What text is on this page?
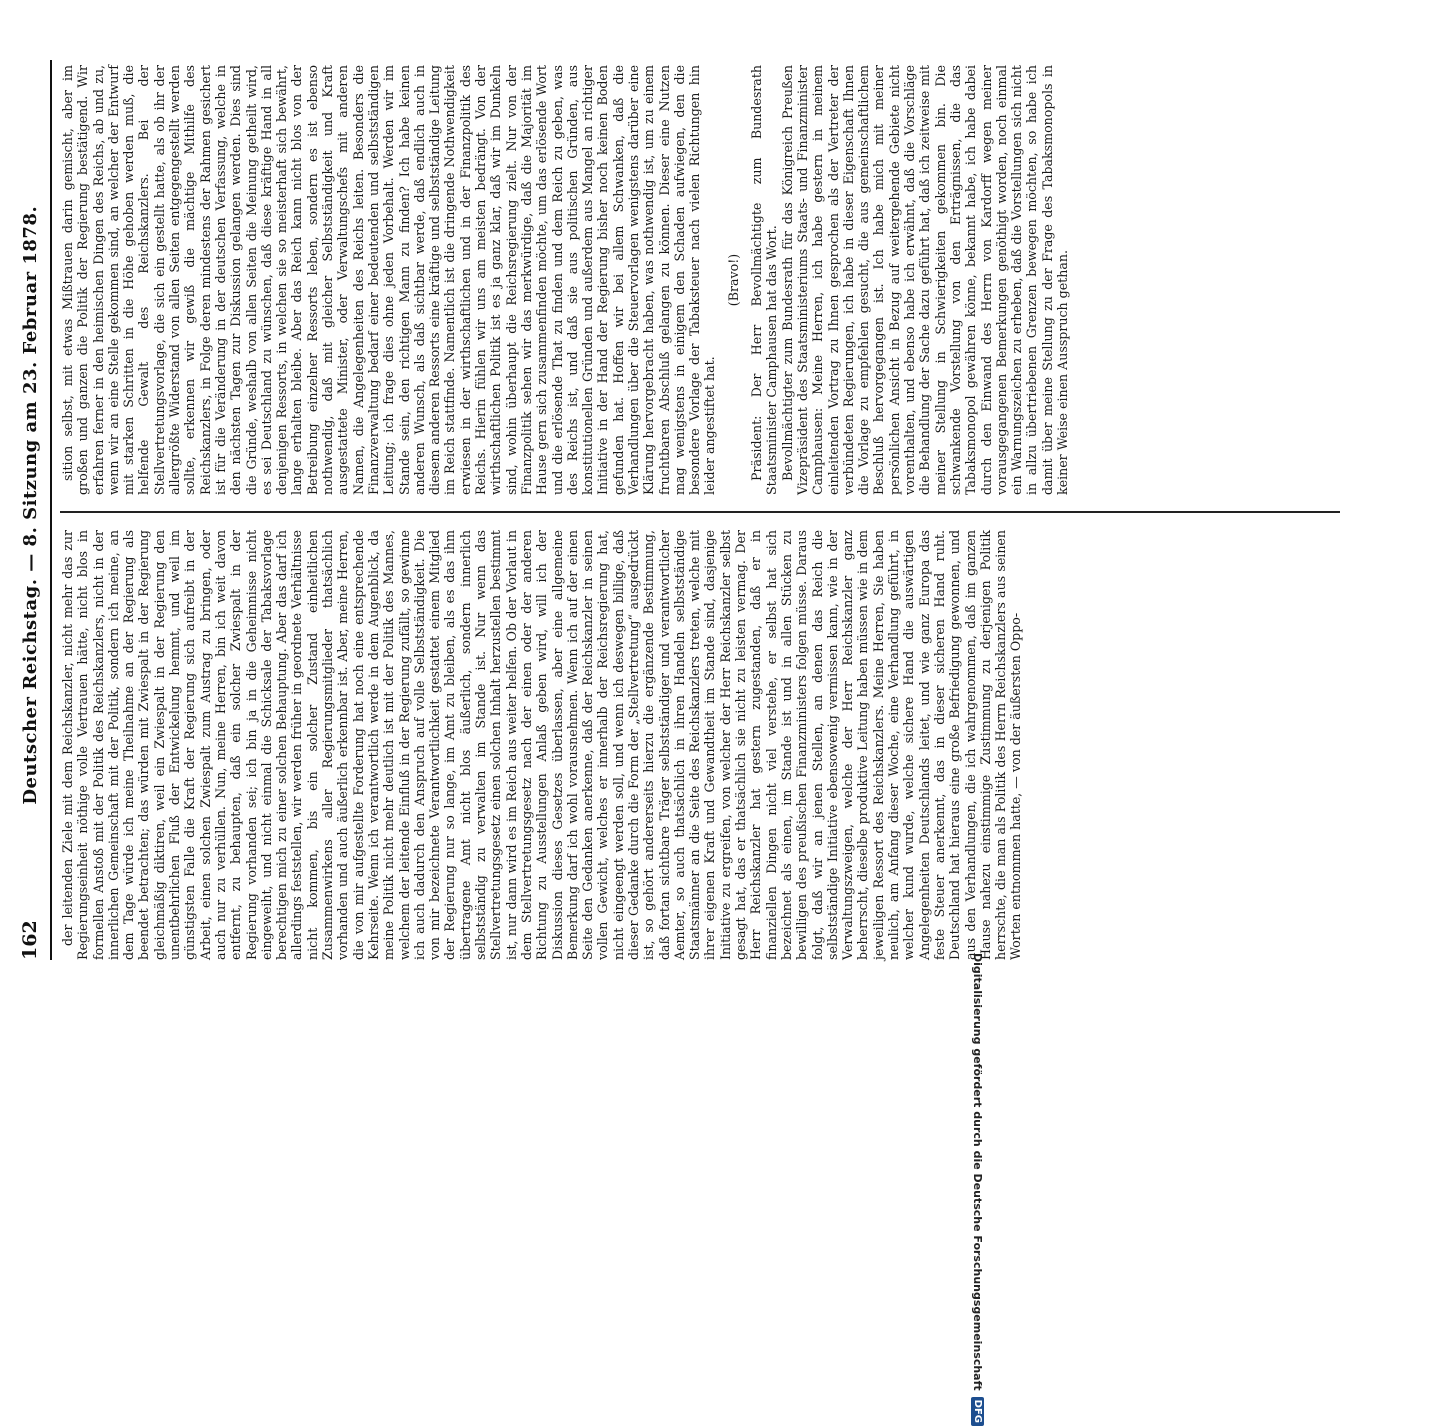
162
Deutscher Reichstag. — 8. Sitzung am 23. Februar 1878. der leitenden Ziele mit dem Reichskanzler, nicht mehr das zur Regierungseinheit nöthige volle Vertrauen hätte, nicht blos in formellen Anstoß mit der Politik des Reichskanzlers, nicht in der innerlichen Gemeinschaft mit der Politik, sondern ich meine, an dem Tage würde ich meine Theilnahme an der Regierung als beendet betrachten; das würden mit Zwiespalt in der Regierung gleichmäßig diktiren, weil ein Zwiespalt in der Regierung den unentbehrlichen Fluß der Entwickelung hemmt, und weil im günstigsten Falle die Kraft der Regierung sich aufreibt in der Arbeit, einen solchen Zwiespalt zum Austrag zu bringen, oder auch nur zu verhüllen. Nun, meine Herren, bin ich weit davon entfernt, zu behaupten, daß ein solcher Zwiespalt in der Regierung vorhanden sei; ich bin ja in die Geheimnisse nicht eingeweiht, und nicht einmal die Schicksale der Tabaksvorlage berechtigen mich zu einer solchen Behauptung. Aber das darf ich allerdings feststellen, wir werden früher in geordnete Verhältnisse nicht kommen, bis ein solcher Zustand einheitlichen Zusammenwirkens aller Regierungsmitglieder thatsächlich vorhanden und auch äußerlich erkennbar ist. Aber, meine Herren, die von mir aufgestellte Forderung hat noch eine entsprechende Kehrseite. Wenn ich verantwortlich werde in dem Augenblick, da meine Politik nicht mehr deutlich ist mit der Politik des Mannes, welchem der leitende Einfluß in der Regierung zufällt, so gewinne ich auch dadurch den Anspruch auf volle Selbstständigkeit. Die von mir bezeichnete Verantwortlichkeit gestattet einem Mitglied der Regierung nur so lange, im Amt zu bleiben, als es das ihm übertragene Amt nicht blos äußerlich, sondern innerlich selbstständig zu verwalten im Stande ist. Nur wenn das Stellvertretungsgesetz einen solchen Inhalt herzustellen bestimmt ist, nur dann wird es im Reich aus weiter helfen. Ob der Vorlaut in dem Stellvertretungsgesetz nach der einen oder der anderen Richtung zu Ausstellungen Anlaß geben wird, will ich der Diskussion dieses Gesetzes überlassen, aber eine allgemeine Bemerkung darf ich wohl vorausnehmen. Wenn ich auf der einen Seite den Gedanken anerkenne, daß der Reichskanzler in seinen vollen Gewicht, welches er innerhalb der Reichsregierung hat, nicht eingeengt werden soll, und wenn ich deswegen billige, daß dieser Gedanke durch die Form der „Stellvertretung“ ausgedrückt ist, so gehört andererseits hierzu die ergänzende Bestimmung, daß fortan sichtbare Träger selbstständiger und verantwortlicher Aemter, so auch thatsächlich in ihren Handeln selbstständige Staatsmänner an die Seite des Reichskanzlers treten, welche mit ihrer eigenen Kraft und Gewandtheit im Stande sind, dasjenige Initiative zu ergreifen, von welcher der Herr Reichskanzler selbst gesagt hat, das er thatsächlich sie nicht zu leisten vermag. Der Herr Reichskanzler hat gestern zugestanden, daß er in finanziellen Dingen nicht viel verstehe, er selbst hat sich bezeichnet als einen, im Stande ist und in allen Stücken zu bewilligen des preußischen Finanzministers folgen müsse. Daraus folgt, daß wir an jenen Stellen, an denen das Reich die selbstständige Initiative ebensowenig vermissen kann, wie in der Verwaltungszweigen, welche der Herr Reichskanzler ganz beherrscht, dieselbe produktive Leitung haben müssen wie in dem jeweiligen Ressort des Reichskanzlers. Meine Herren, Sie haben neulich, am Anfang dieser Woche, eine Verhandlung geführt, in welcher kund wurde, welche sichere Hand die auswärtigen Angelegenheiten Deutschlands leitet, und wie ganz Europa das feste Steuer anerkennt, das in dieser sicheren Hand ruht. Deutschland hat hieraus eine große Befriedigung gewonnen, und aus den Verhandlungen, die ich wahrgenommen, daß im ganzen Hause nahezu einstimmige Zustimmung zu derjenigen Politik herrschte, die man als Politik des Herrn Reichskanzlers aus seinen Worten entnommen hatte, — von der äußersten Oppo-

sition selbst, mit etwas Mißtrauen darin gemischt, aber im großen und ganzen die Politik der Regierung bestätigend. Wir erfahren ferner in den heimischen Dingen des Reichs, ab und zu, wenn wir an eine Stelle gekommen sind, an welcher der Entwurf mit starken Schritten in die Höhe gehoben werden muß, die helfende Gewalt des Reichskanzlers. Bei der Stellvertretungsvorlage, die sich ein gestellt hatte, als ob ihr der allergrößte Widerstand von allen Seiten entgegengestellt werden sollte, erkennen wir gewiß die mächtige Mithilfe des Reichskanzlers, in Folge deren mindestens der Rahmen gesichert ist für die Veränderung in der deutschen Verfassung, welche in den nächsten Tagen zur Diskussion gelangen werden. Dies sind die Gründe, weshalb von allen Seiten die Meinung getheilt wird, es sei Deutschland zu wünschen, daß diese kräftige Hand in all denjenigen Ressorts, in welchen sie so meisterhaft sich bewährt, lange erhalten bleibe. Aber das Reich kann nicht blos von der Betreibung einzelner Ressorts leben, sondern es ist ebenso nothwendig, daß mit gleicher Selbstständigkeit und Kraft ausgestattete Minister, oder Verwaltungschefs mit anderen Namen, die Angelegenheiten des Reichs leiten. Besonders die Finanzverwaltung bedarf einer bedeutenden und selbstständigen Leitung; ich frage dies ohne jeden Vorbehalt. Werden wir im Stande sein, den richtigen Mann zu finden? Ich habe keinen anderen Wunsch, als daß sichtbar werde, daß endlich auch in diesem anderen Ressorts eine kräftige und selbstständige Leitung im Reich stattfinde. Namentlich ist die dringende Nothwendigkeit erwiesen in der wirthschaftlichen und in der Finanzpolitik des Reichs. Hierin fühlen wir uns am meisten bedrängt. Von der wirthschaftlichen Politik ist es ja ganz klar, daß wir im Dunkeln sind, wohin überhaupt die Reichsregierung zielt. Nur von der Finanzpolitik sehen wir das merkwürdige, daß die Majorität im Hause gern sich zusammenfinden möchte, um das erlösende Wort und die erlösende That zu finden und dem Reich zu geben, was des Reichs ist, und daß sie aus politischen Gründen, aus konstitutionellen Gründen und außerdem aus Mangel an richtiger Initiative in der Hand der Regierung bisher noch keinen Boden gefunden hat. Hoffen wir bei allem Schwanken, daß die Verhandlungen über die Steuervorlagen wenigstens darüber eine Klärung hervorgebracht haben, was nothwendig ist, um zu einem fruchtbaren Abschluß gelangen zu können. Dieser eine Nutzen mag wenigstens in einigem den Schaden aufwiegen, den die besondere Vorlage der Tabaksteuer nach vielen Richtungen hin leider angestiftet hat.

(Bravo!) Präsident: Der Herr Bevollmächtigte zum Bundesrath Staatsminister Camphausen hat das Wort. Bevollmächtigter zum Bundesrath für das Königreich Preußen Vizepräsident des Staatsministeriums Staats- und Finanzminister Camphausen: Meine Herren, ich habe gestern in meinem einleitenden Vortrag zu Ihnen gesprochen als der Vertreter der verbündeten Regierungen, ich habe in dieser Eigenschaft Ihnen die Vorlage zu empfehlen gesucht, die aus gemeinschaftlichem Beschluß hervorgegangen ist. Ich habe mich mit meiner persönlichen Ansicht in Bezug auf weitergehende Gebiete nicht vorenthalten, und ebenso habe ich erwähnt, daß die Vorschläge die Behandlung der Sache dazu geführt hat, daß ich zeitweise mit meiner Stellung in Schwierigkeiten gekommen bin. Die schwankende Vorstellung von den Erträgnissen, die das Tabaksmonopol gewähren könne, bekannt habe, ich habe dabei durch den Einwand des Herrn von Kardorff wegen meiner vorausgegangenen Bemerkungen genöthigt worden, noch einmal ein Warnungszeichen zu erheben, daß die Vorstellungen sich nicht in allzu übertriebenen Grenzen bewegen möchten, so habe ich damit über meine Stellung zu der Frage des Tabaksmonopols in keiner Weise einen Ausspruch gethan.

Digitalisierung gefördert durch die Deutsche Forschungsgemeinschaft
DFG
